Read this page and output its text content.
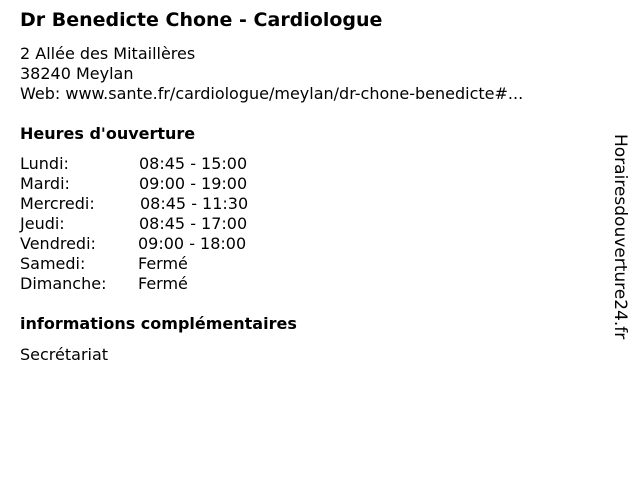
Dr Benedicte Chone - Cardiologue
2 Allée des Mitaillères
38240 Meylan
Web: www.sante.fr/cardiologue/meylan/dr-chone-benedicte#...
Heures d'ouverture
Lundi:	08:45 - 15:00
Mardi:	09:00 - 19:00
Mercredi:	08:45 - 11:30
Jeudi:	08:45 - 17:00
Vendredi:	09:00 - 18:00
Samedi:	Fermé
Dimanche: Fermé
informations complémentaires
Secrétariat
Horairesdouverture24.fr
